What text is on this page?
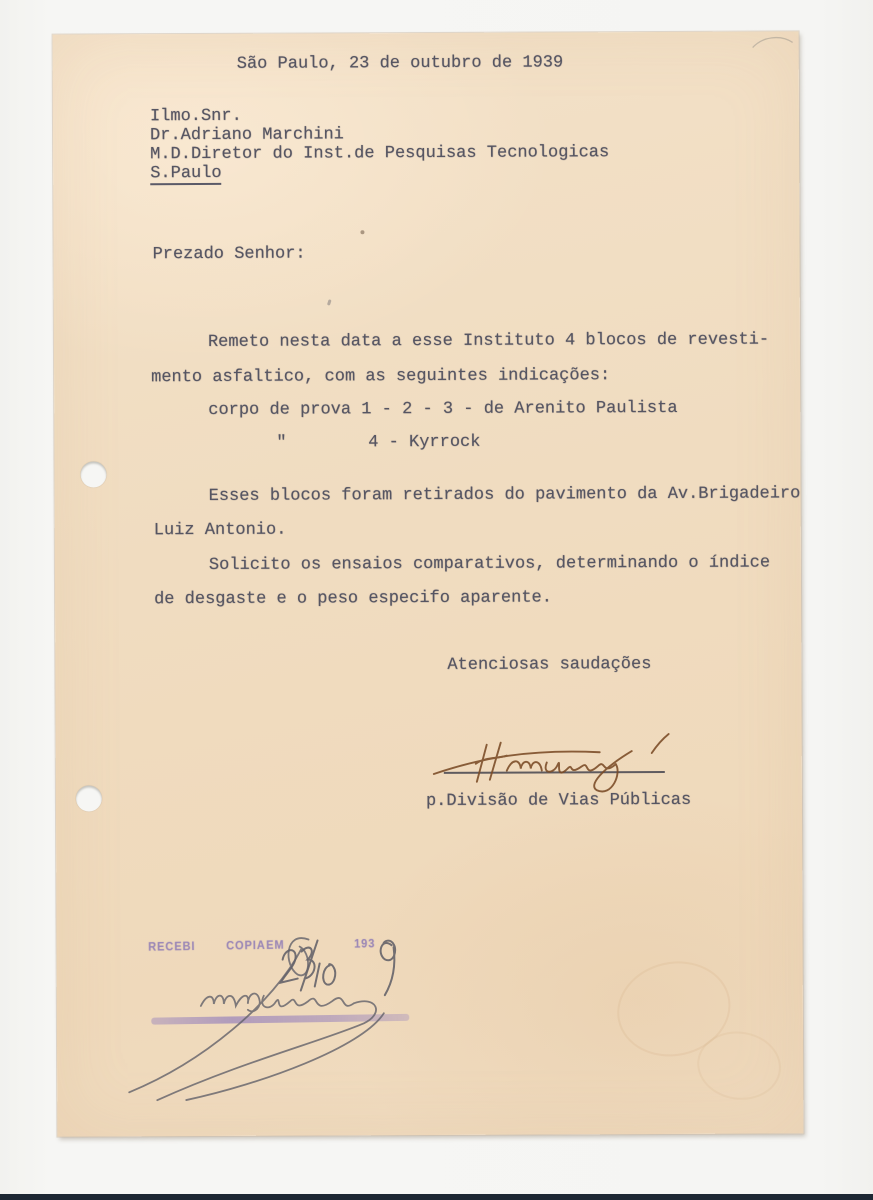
São Paulo, 23 de outubro de 1939
Ilmo.Snr.
Dr.Adriano Marchini
M.D.Diretor do Inst.de Pesquisas Tecnologicas
S.Paulo
Prezado Senhor:
Remeto nesta data a esse Instituto 4 blocos de revesti-
mento asfaltico, com as seguintes indicações:
corpo de prova 1 - 2 - 3 - de Arenito Paulista
"        4 - Kyrrock
Esses blocos foram retirados do pavimento da Av.Brigadeiro
Luiz Antonio.
Solicito os ensaios comparativos, determinando o índice
de desgaste e o peso especifo aparente.
Atenciosas saudações
p.Divisão de Vias Públicas
RECEBI	COPIA EM	193
